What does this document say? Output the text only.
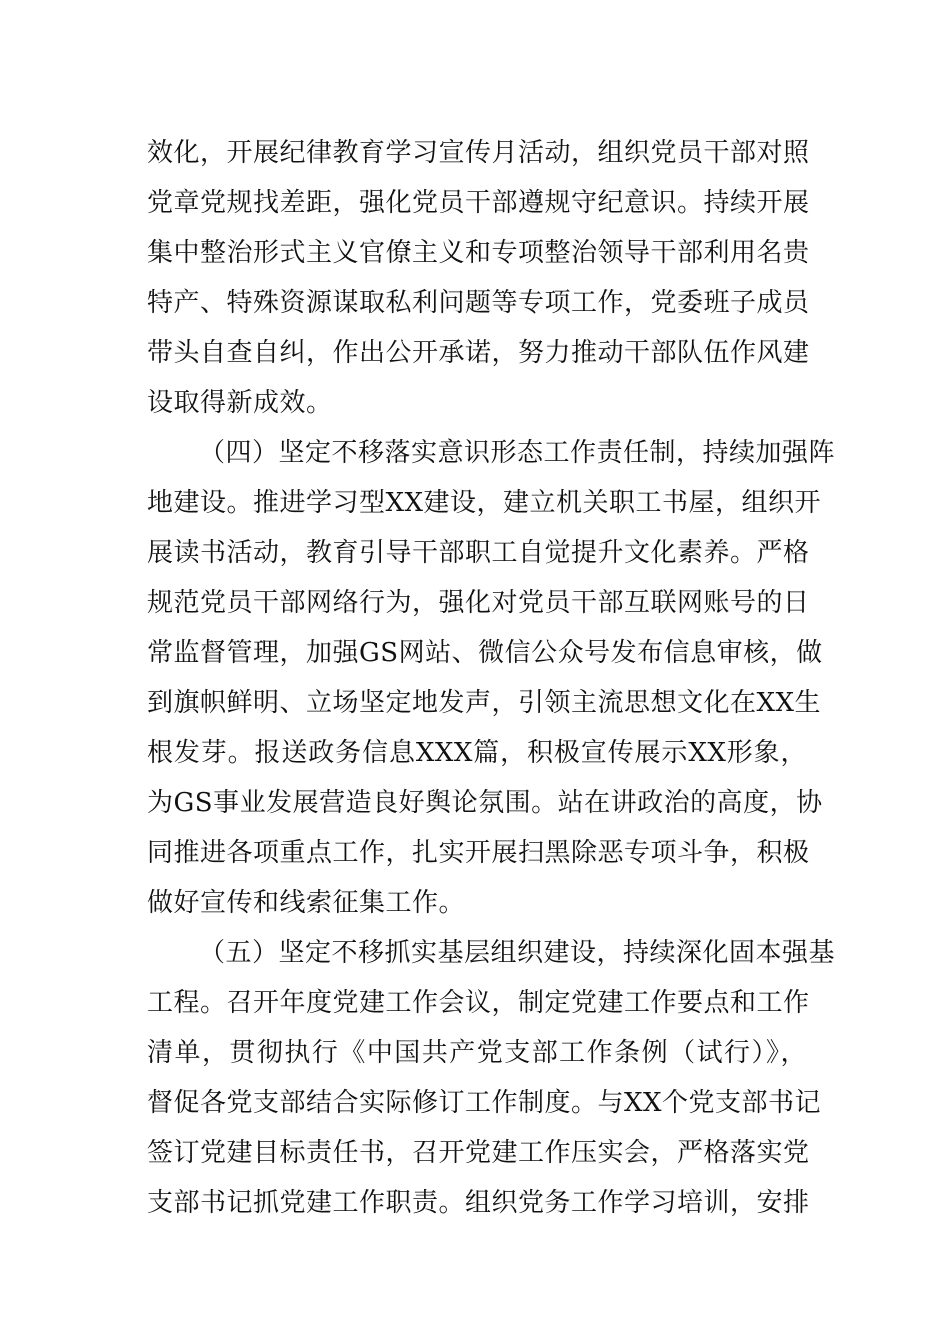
效化，开展纪律教育学习宣传月活动，组织党员干部对照
党章党规找差距，强化党员干部遵规守纪意识。持续开展
集中整治形式主义官僚主义和专项整治领导干部利用名贵
特产、特殊资源谋取私利问题等专项工作，党委班子成员
带头自查自纠，作出公开承诺，努力推动干部队伍作风建
设取得新成效。
（四）坚定不移落实意识形态工作责任制，持续加强阵
地建设。推进学习型XX建设，建立机关职工书屋，组织开
展读书活动，教育引导干部职工自觉提升文化素养。严格
规范党员干部网络行为，强化对党员干部互联网账号的日
常监督管理，加强GS网站、微信公众号发布信息审核，做
到旗帜鲜明、立场坚定地发声，引领主流思想文化在XX生
根发芽。报送政务信息XXX篇，积极宣传展示XX形象，
为GS事业发展营造良好舆论氛围。站在讲政治的高度，协
同推进各项重点工作，扎实开展扫黑除恶专项斗争，积极
做好宣传和线索征集工作。
（五）坚定不移抓实基层组织建设，持续深化固本强基
工程。召开年度党建工作会议，制定党建工作要点和工作
清单，贯彻执行《中国共产党支部工作条例（试行）》，
督促各党支部结合实际修订工作制度。与XX个党支部书记
签订党建目标责任书，召开党建工作压实会，严格落实党
支部书记抓党建工作职责。组织党务工作学习培训，安排
